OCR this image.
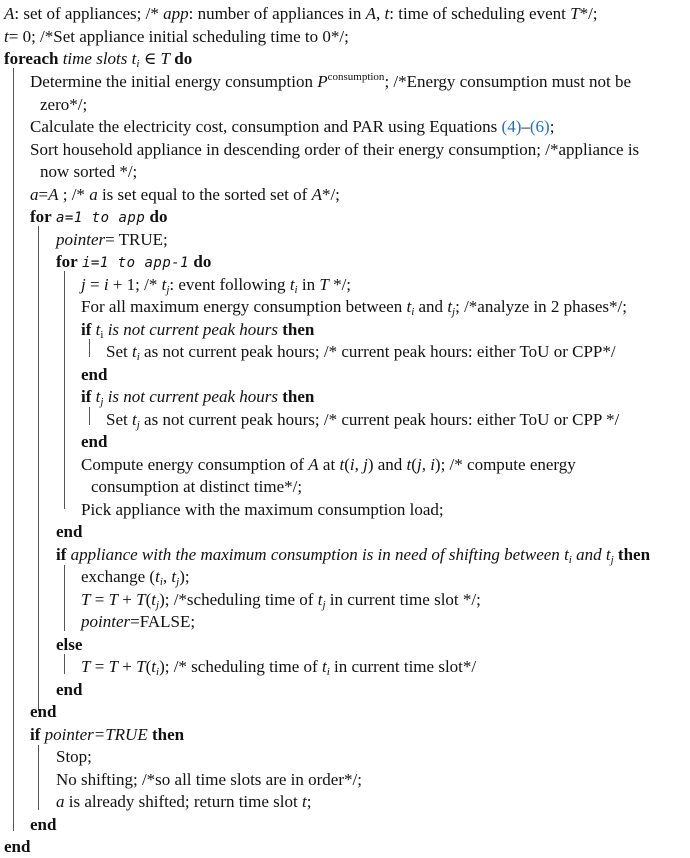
A: set of appliances; /* app: number of appliances in A, t: time of scheduling event T*/;
t= 0; /*Set appliance initial scheduling time to 0*/;
foreach time slots $t_i$ ∈ T do
Determine the initial energy consumption $P^{consumption}$; /*Energy consumption must not be
zero*/;
Calculate the electricity cost, consumption and PAR using Equations (4)–(6);
Sort household appliance in descending order of their energy consumption; /*appliance is
now sorted */;
a=A ; /* a is set equal to the sorted set of A*/;
for a=1 to app do
pointer= TRUE;
for i=1 to app-1 do
j = i + 1; /* $t_j$: event following $t_i$ in T */;
For all maximum energy consumption between $t_i$ and $t_j$; /*analyze in 2 phases*/;
if $t_i$ is not current peak hours then
Set $t_i$ as not current peak hours; /* current peak hours: either ToU or CPP*/
end
if $t_j$ is not current peak hours then
Set $t_j$ as not current peak hours; /* current peak hours: either ToU or CPP */
end
Compute energy consumption of A at t(i, j) and t(j, i); /* compute energy
consumption at distinct time*/;
Pick appliance with the maximum consumption load;
end
if appliance with the maximum consumption is in need of shifting between $t_i$ and $t_j$ then
exchange ($t_i$, $t_j$);
$T = T + T(t_j)$; /*scheduling time of $t_j$ in current time slot */;
pointer=FALSE;
else
$T = T + T(t_i)$; /* scheduling time of $t_i$ in current time slot*/
end
end
if pointer=TRUE then
Stop;
No shifting; /*so all time slots are in order*/;
a is already shifted; return time slot t;
end
end
